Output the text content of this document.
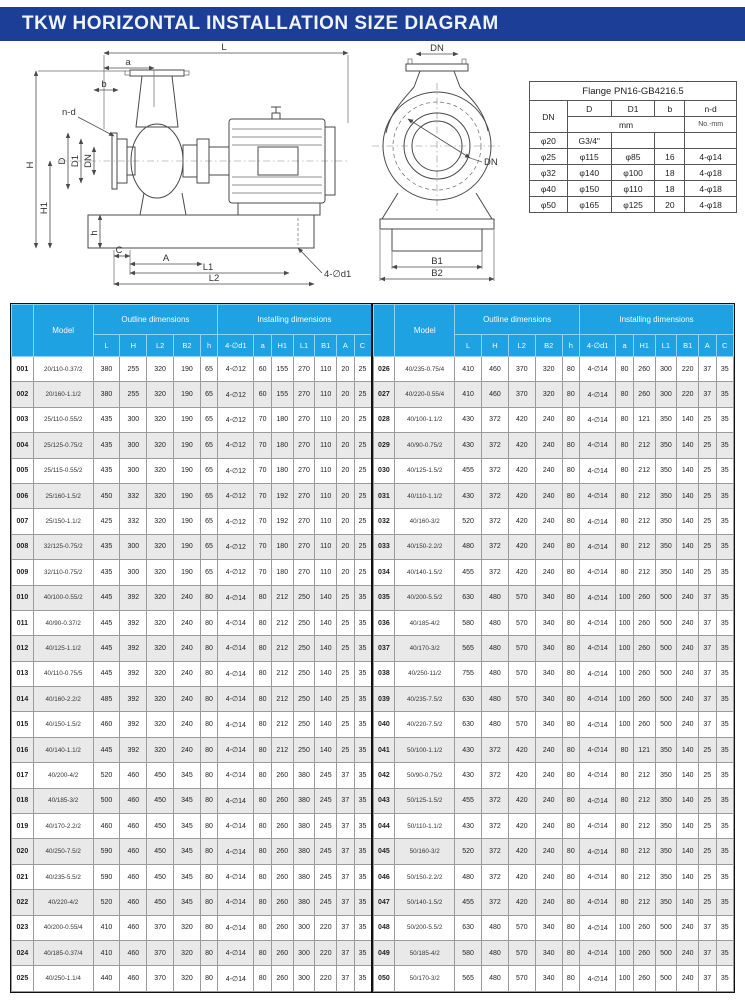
TKW HORIZONTAL INSTALLATION SIZE DIAGRAM
L
a
b
n-d
H
D D1 DN
H1
h
C
A
L1
L2	4-∅d1
DN
DN
B1
B2
Flange PN16-GB4216.5				
DN	D	D1	b	n-d
	mm			No.-mm
φ20	G3/4"			
φ25	φ115	φ85	16	4-φ14
φ32	φ140	φ100	18	4-φ18
φ40	φ150	φ110	18	4-φ18
φ50	φ165	φ125	20	4-φ18
	Model	Outline dimensions					Installing dimensions						
		L	H	L2	B2	h	4-∅d1	a	H1	L1	B1	A	C
001	20/110-0.37/2	380	255	320	190	65	4-∅12	60	155	270	110	20	25
002	20/160-1.1/2	380	255	320	190	65	4-∅12	60	155	270	110	20	25
003	25/110-0.55/2	435	300	320	190	65	4-∅12	70	180	270	110	20	25
004	25/125-0.75/2	435	300	320	190	65	4-∅12	70	180	270	110	20	25
005	25/115-0.55/2	435	300	320	190	65	4-∅12	70	180	270	110	20	25
006	25/160-1.5/2	450	332	320	190	65	4-∅12	70	192	270	110	20	25
007	25/150-1.1/2	425	332	320	190	65	4-∅12	70	192	270	110	20	25
008	32/125-0.75/2	435	300	320	190	65	4-∅12	70	180	270	110	20	25
009	32/110-0.75/2	435	300	320	190	65	4-∅12	70	180	270	110	20	25
010	40/100-0.55/2	445	392	320	240	80	4-∅14	80	212	250	140	25	35
011	40/90-0.37/2	445	392	320	240	80	4-∅14	80	212	250	140	25	35
012	40/125-1.1/2	445	392	320	240	80	4-∅14	80	212	250	140	25	35
013	40/110-0.75/5	445	392	320	240	80	4-∅14	80	212	250	140	25	35
014	40/160-2.2/2	485	392	320	240	80	4-∅14	80	212	250	140	25	35
015	40/150-1.5/2	460	392	320	240	80	4-∅14	80	212	250	140	25	35
016	40/140-1.1/2	445	392	320	240	80	4-∅14	80	212	250	140	25	35
017	40/200-4/2	520	460	450	345	80	4-∅14	80	260	380	245	37	35
018	40/185-3/2	500	460	450	345	80	4-∅14	80	260	380	245	37	35
019	40/170-2.2/2	460	460	450	345	80	4-∅14	80	260	380	245	37	35
020	40/250-7.5/2	590	460	450	345	80	4-∅14	80	260	380	245	37	35
021	40/235-5.5/2	590	460	450	345	80	4-∅14	80	260	380	245	37	35
022	40/220-4/2	520	460	450	345	80	4-∅14	80	260	380	245	37	35
023	40/200-0.55/4	410	460	370	320	80	4-∅14	80	260	300	220	37	35
024	40/185-0.37/4	410	460	370	320	80	4-∅14	80	260	300	220	37	35
025	40/250-1.1/4	440	460	370	320	80	4-∅14	80	260	300	220	37	35
	Model	Outline dimensions					Installing dimensions						
		L	H	L2	B2	h	4-∅d1	a	H1	L1	B1	A	C
026	40/235-0.75/4	410	460	370	320	80	4-∅14	80	260	300	220	37	35
027	40/220-0.55/4	410	460	370	320	80	4-∅14	80	260	300	220	37	35
028	40/100-1.1/2	430	372	420	240	80	4-∅14	80	121	350	140	25	35
029	40/90-0.75/2	430	372	420	240	80	4-∅14	80	212	350	140	25	35
030	40/125-1.5/2	455	372	420	240	80	4-∅14	80	212	350	140	25	35
031	40/110-1.1/2	430	372	420	240	80	4-∅14	80	212	350	140	25	35
032	40/160-3/2	520	372	420	240	80	4-∅14	80	212	350	140	25	35
033	40/150-2.2/2	480	372	420	240	80	4-∅14	80	212	350	140	25	35
034	40/140-1.5/2	455	372	420	240	80	4-∅14	80	212	350	140	25	35
035	40/200-5.5/2	630	480	570	340	80	4-∅14	100	260	500	240	37	35
036	40/185-4/2	580	480	570	340	80	4-∅14	100	260	500	240	37	35
037	40/170-3/2	565	480	570	340	80	4-∅14	100	260	500	240	37	35
038	40/250-11/2	755	480	570	340	80	4-∅14	100	260	500	240	37	35
039	40/235-7.5/2	630	480	570	340	80	4-∅14	100	260	500	240	37	35
040	40/220-7.5/2	630	480	570	340	80	4-∅14	100	260	500	240	37	35
041	50/100-1.1/2	430	372	420	240	80	4-∅14	80	121	350	140	25	35
042	50/90-0.75/2	430	372	420	240	80	4-∅14	80	212	350	140	25	35
043	50/125-1.5/2	455	372	420	240	80	4-∅14	80	212	350	140	25	35
044	50/110-1.1/2	430	372	420	240	80	4-∅14	80	212	350	140	25	35
045	50/160-3/2	520	372	420	240	80	4-∅14	80	212	350	140	25	35
046	50/150-2.2/2	480	372	420	240	80	4-∅14	80	212	350	140	25	35
047	50/140-1.5/2	455	372	420	240	80	4-∅14	80	212	350	140	25	35
048	50/200-5.5/2	630	480	570	340	80	4-∅14	100	260	500	240	37	35
049	50/185-4/2	580	480	570	340	80	4-∅14	100	260	500	240	37	35
050	50/170-3/2	565	480	570	340	80	4-∅14	100	260	500	240	37	35
